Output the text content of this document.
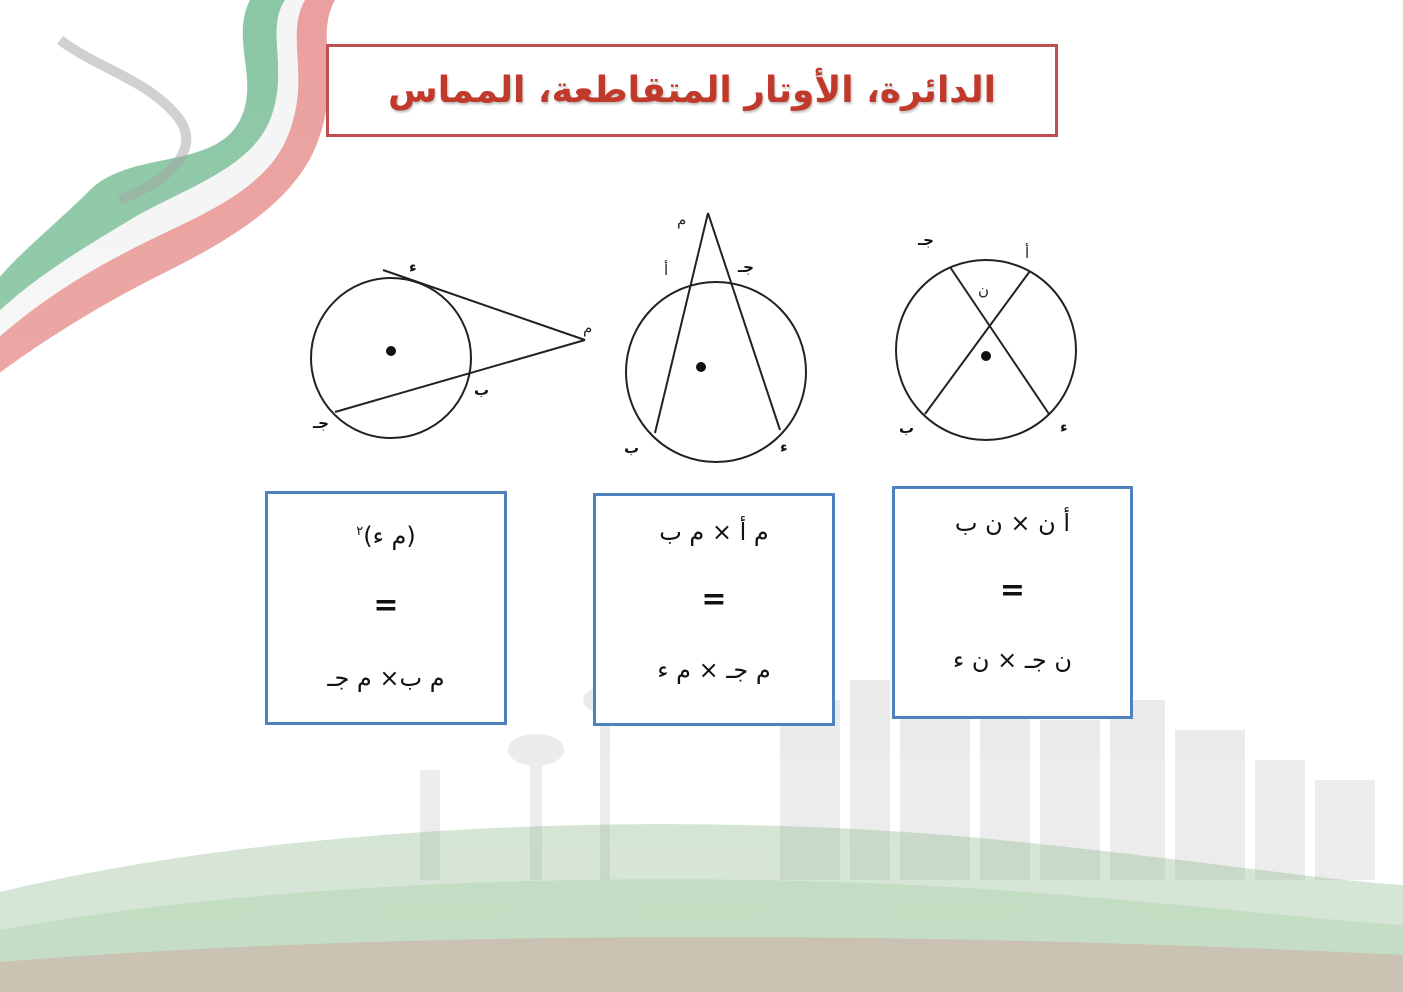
الدائرة، الأوتار المتقاطعة، المماس
جـ
أ
ن
ب	ء
م
أ	جـ
ب	ء
ء
م
ب
جـ
أ ن × ن ب
=
ن جـ × ن ء
م أ × م ب
=
م جـ × م ء
(م ء)$^٢$
=
م ب× م جـ
